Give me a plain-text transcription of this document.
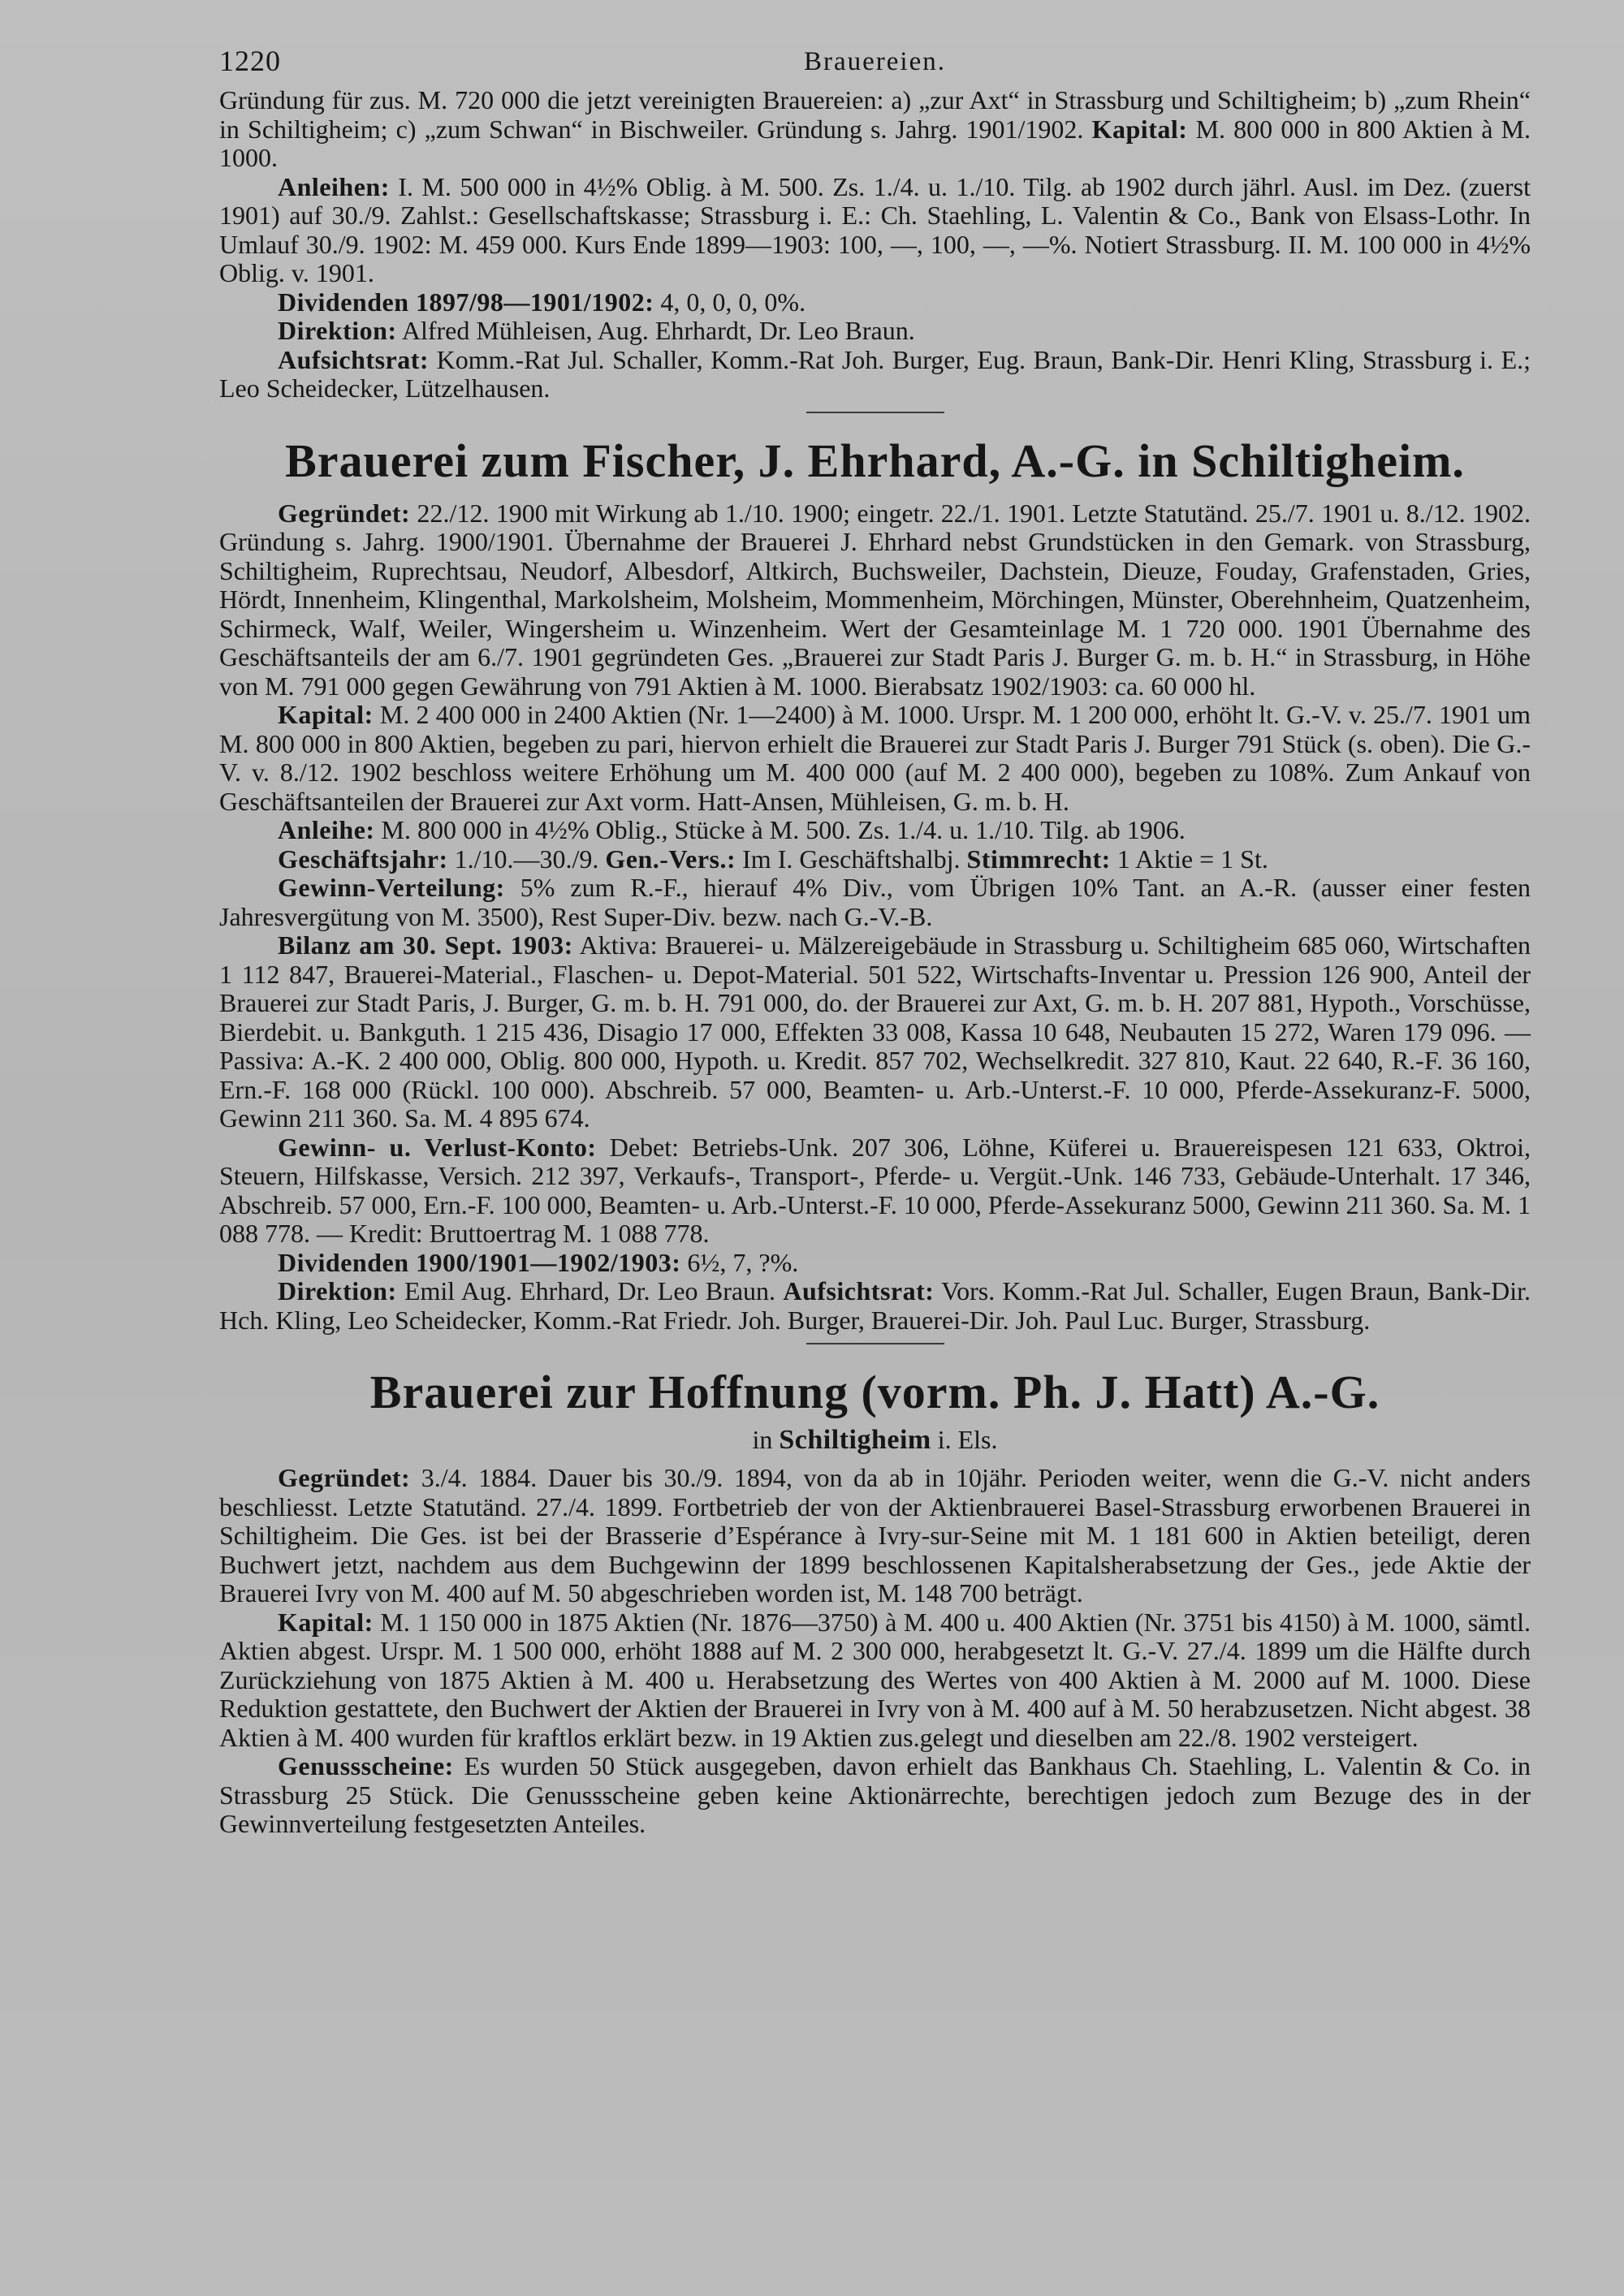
1220	Brauereien.

Gründung für zus. M. 720 000 die jetzt vereinigten Brauereien: a) „zur Axt“ in Strassburg und Schiltigheim; b) „zum Rhein“ in Schiltigheim; c) „zum Schwan“ in Bischweiler. Gründung s. Jahrg. 1901/1902. Kapital: M. 800 000 in 800 Aktien à M. 1000.

Anleihen: I. M. 500 000 in 4½% Oblig. à M. 500. Zs. 1./4. u. 1./10. Tilg. ab 1902 durch jährl. Ausl. im Dez. (zuerst 1901) auf 30./9. Zahlst.: Gesellschaftskasse; Strassburg i. E.: Ch. Staehling, L. Valentin & Co., Bank von Elsass-Lothr. In Umlauf 30./9. 1902: M. 459 000. Kurs Ende 1899—1903: 100, —, 100, —, —%. Notiert Strassburg. II. M. 100 000 in 4½% Oblig. v. 1901.

Dividenden 1897/98—1901/1902: 4, 0, 0, 0, 0%.

Direktion: Alfred Mühleisen, Aug. Ehrhardt, Dr. Leo Braun.

Aufsichtsrat: Komm.-Rat Jul. Schaller, Komm.-Rat Joh. Burger, Eug. Braun, Bank-Dir. Henri Kling, Strassburg i. E.; Leo Scheidecker, Lützelhausen.

Brauerei zum Fischer, J. Ehrhard, A.-G. in Schiltigheim.

Gegründet: 22./12. 1900 mit Wirkung ab 1./10. 1900; eingetr. 22./1. 1901. Letzte Statutänd. 25./7. 1901 u. 8./12. 1902. Gründung s. Jahrg. 1900/1901. Übernahme der Brauerei J. Ehrhard nebst Grundstücken in den Gemark. von Strassburg, Schiltigheim, Ruprechtsau, Neudorf, Albesdorf, Altkirch, Buchsweiler, Dachstein, Dieuze, Fouday, Grafenstaden, Gries, Hördt, Innenheim, Klingenthal, Markolsheim, Molsheim, Mommenheim, Mörchingen, Münster, Oberehnheim, Quatzenheim, Schirmeck, Walf, Weiler, Wingersheim u. Winzenheim. Wert der Gesamteinlage M. 1 720 000. 1901 Übernahme des Geschäftsanteils der am 6./7. 1901 gegründeten Ges. „Brauerei zur Stadt Paris J. Burger G. m. b. H.“ in Strassburg, in Höhe von M. 791 000 gegen Gewährung von 791 Aktien à M. 1000. Bierabsatz 1902/1903: ca. 60 000 hl.

Kapital: M. 2 400 000 in 2400 Aktien (Nr. 1—2400) à M. 1000. Urspr. M. 1 200 000, erhöht lt. G.-V. v. 25./7. 1901 um M. 800 000 in 800 Aktien, begeben zu pari, hiervon erhielt die Brauerei zur Stadt Paris J. Burger 791 Stück (s. oben). Die G.-V. v. 8./12. 1902 beschloss weitere Erhöhung um M. 400 000 (auf M. 2 400 000), begeben zu 108%. Zum Ankauf von Geschäftsanteilen der Brauerei zur Axt vorm. Hatt-Ansen, Mühleisen, G. m. b. H.

Anleihe: M. 800 000 in 4½% Oblig., Stücke à M. 500. Zs. 1./4. u. 1./10. Tilg. ab 1906.

Geschäftsjahr: 1./10.—30./9. Gen.-Vers.: Im I. Geschäftshalbj. Stimmrecht: 1 Aktie = 1 St.

Gewinn-Verteilung: 5% zum R.-F., hierauf 4% Div., vom Übrigen 10% Tant. an A.-R. (ausser einer festen Jahresvergütung von M. 3500), Rest Super-Div. bezw. nach G.-V.-B.

Bilanz am 30. Sept. 1903: Aktiva: Brauerei- u. Mälzereigebäude in Strassburg u. Schiltigheim 685 060, Wirtschaften 1 112 847, Brauerei-Material., Flaschen- u. Depot-Material. 501 522, Wirtschafts-Inventar u. Pression 126 900, Anteil der Brauerei zur Stadt Paris, J. Burger, G. m. b. H. 791 000, do. der Brauerei zur Axt, G. m. b. H. 207 881, Hypoth., Vorschüsse, Bierdebit. u. Bankguth. 1 215 436, Disagio 17 000, Effekten 33 008, Kassa 10 648, Neubauten 15 272, Waren 179 096. — Passiva: A.-K. 2 400 000, Oblig. 800 000, Hypoth. u. Kredit. 857 702, Wechselkredit. 327 810, Kaut. 22 640, R.-F. 36 160, Ern.-F. 168 000 (Rückl. 100 000). Abschreib. 57 000, Beamten- u. Arb.-Unterst.-F. 10 000, Pferde-Assekuranz-F. 5000, Gewinn 211 360. Sa. M. 4 895 674.

Gewinn- u. Verlust-Konto: Debet: Betriebs-Unk. 207 306, Löhne, Küferei u. Brauereispesen 121 633, Oktroi, Steuern, Hilfskasse, Versich. 212 397, Verkaufs-, Transport-, Pferde- u. Vergüt.-Unk. 146 733, Gebäude-Unterhalt. 17 346, Abschreib. 57 000, Ern.-F. 100 000, Beamten- u. Arb.-Unterst.-F. 10 000, Pferde-Assekuranz 5000, Gewinn 211 360. Sa. M. 1 088 778. — Kredit: Bruttoertrag M. 1 088 778.

Dividenden 1900/1901—1902/1903: 6½, 7, ?%.

Direktion: Emil Aug. Ehrhard, Dr. Leo Braun. Aufsichtsrat: Vors. Komm.-Rat Jul. Schaller, Eugen Braun, Bank-Dir. Hch. Kling, Leo Scheidecker, Komm.-Rat Friedr. Joh. Burger, Brauerei-Dir. Joh. Paul Luc. Burger, Strassburg.

Brauerei zur Hoffnung (vorm. Ph. J. Hatt) A.-G.
in Schiltigheim i. Els.

Gegründet: 3./4. 1884. Dauer bis 30./9. 1894, von da ab in 10jähr. Perioden weiter, wenn die G.-V. nicht anders beschliesst. Letzte Statutänd. 27./4. 1899. Fortbetrieb der von der Aktienbrauerei Basel-Strassburg erworbenen Brauerei in Schiltigheim. Die Ges. ist bei der Brasserie d’Espérance à Ivry-sur-Seine mit M. 1 181 600 in Aktien beteiligt, deren Buchwert jetzt, nachdem aus dem Buchgewinn der 1899 beschlossenen Kapitalsherabsetzung der Ges., jede Aktie der Brauerei Ivry von M. 400 auf M. 50 abgeschrieben worden ist, M. 148 700 beträgt.

Kapital: M. 1 150 000 in 1875 Aktien (Nr. 1876—3750) à M. 400 u. 400 Aktien (Nr. 3751 bis 4150) à M. 1000, sämtl. Aktien abgest. Urspr. M. 1 500 000, erhöht 1888 auf M. 2 300 000, herabgesetzt lt. G.-V. 27./4. 1899 um die Hälfte durch Zurückziehung von 1875 Aktien à M. 400 u. Herabsetzung des Wertes von 400 Aktien à M. 2000 auf M. 1000. Diese Reduktion gestattete, den Buchwert der Aktien der Brauerei in Ivry von à M. 400 auf à M. 50 herabzusetzen. Nicht abgest. 38 Aktien à M. 400 wurden für kraftlos erklärt bezw. in 19 Aktien zus.gelegt und dieselben am 22./8. 1902 versteigert.

Genussscheine: Es wurden 50 Stück ausgegeben, davon erhielt das Bankhaus Ch. Staehling, L. Valentin & Co. in Strassburg 25 Stück. Die Genussscheine geben keine Aktionärrechte, berechtigen jedoch zum Bezuge des in der Gewinnverteilung festgesetzten Anteiles.
